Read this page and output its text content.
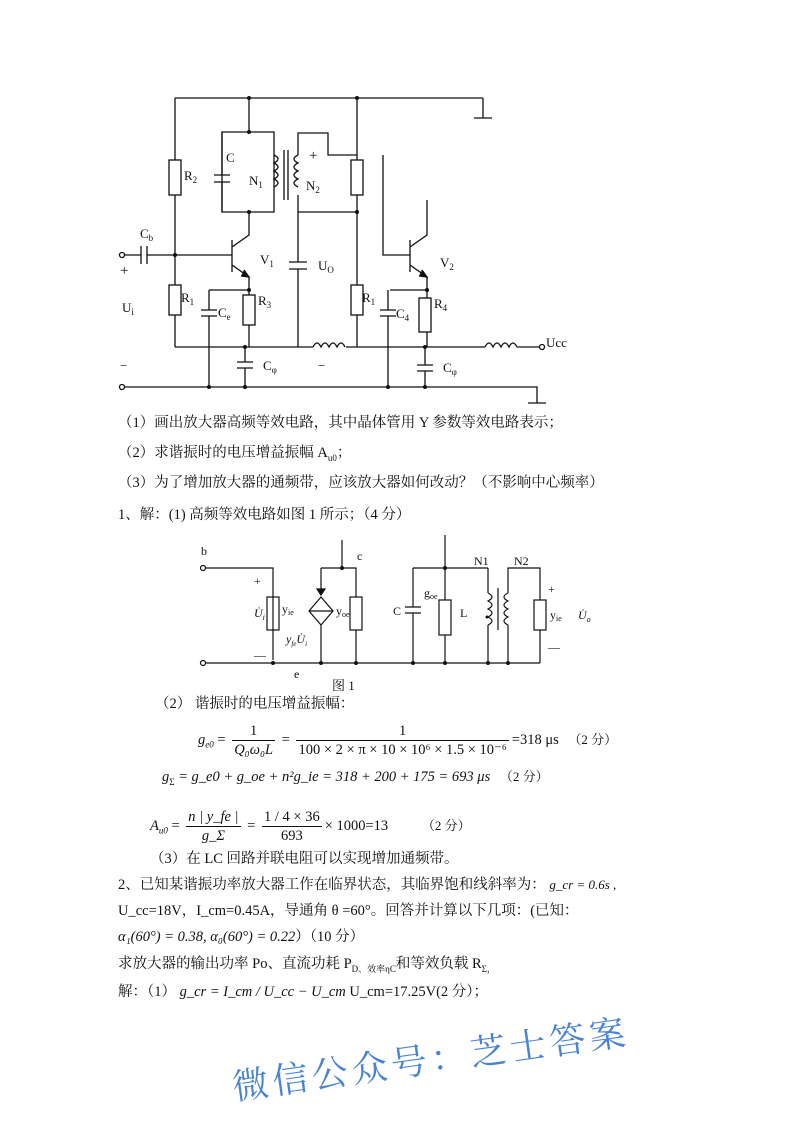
C
$N_1$	$N_2$
+
$R_2$
$C_b$
+
$V_1$	$U_O$	$V_2$
$U_i$
$R_1$
$C_e$
$R_3$	$R_1$
$C_4$
$R_4$
Ucc
$C_\varphi$	$C_\varphi$
−	−
（1）画出放大器高频等效电路，其中晶体管用 Y 参数等效电路表示；
（2）求谐振时的电压增益振幅 $A_{u0}$；
（3）为了增加放大器的通频带，应该放大器如何改动？（不影响中心频率）
1、解：(1) 高频等效电路如图 1 所示；（4 分）
b	c
e
N1 N2
+
—
$U̇_i$
yie	yoe
$y_{fe}U̇_i$
C
goe
L	yie
+
—
$U̇_o$
图 1
（2） 谐振时的电压增益振幅：
$g_{e0} = \frac{1}{\text{Q₀ω₀L}} = \frac{1}{\text{100 × 2 × π × 10 × 10⁶ × 1.5 × 10⁻⁶}} =318$ μs （2 分）
$g_\Sigma$ = g_e0 + g_oe + n²g_ie = 318 + 200 + 175 = 693 μs （2 分）
$A_{u0} = \frac{n | y\_fe |}{g\_\Sigma} = \frac{1 / 4 \times 36}{693} \times 1000=13$	（2 分）
（3）在 LC 回路并联电阻可以实现增加通频带。
2、已知某谐振功率放大器工作在临界状态，其临界饱和线斜率为： g_cr = 0.6s ,
U_cc=18V，I_cm=0.45A，导通角 θ =60°。回答并计算以下几项：(已知：
α₁(60°) = 0.38, α₀(60°) = 0.22）（10 分）
求放大器的输出功率 Po、直流功耗 $P_{D、效率\eta C}$和等效负载 $R_{\Sigma,}$
解：（1） g_cr = I_cm / U_cc − U_cm U_cm=17.25V(2 分）；
微信公众号：芝士答案
